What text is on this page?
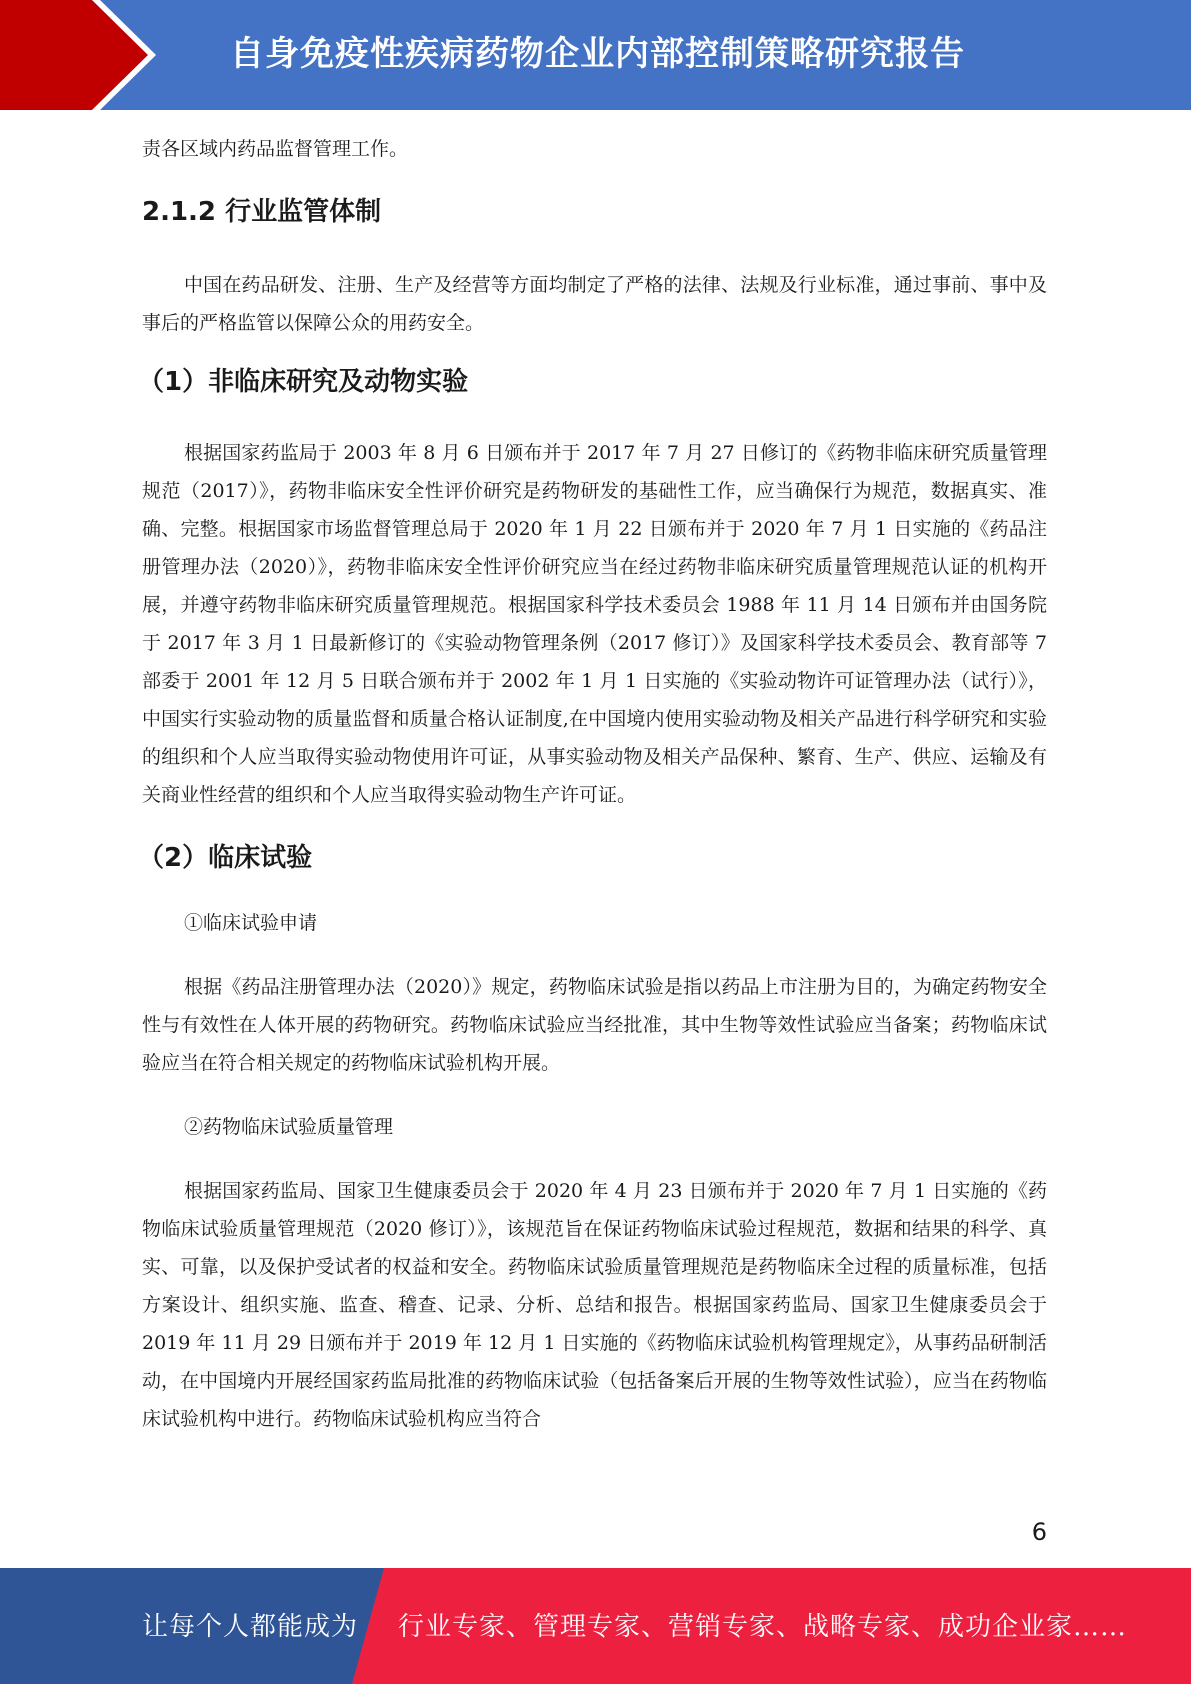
自身免疫性疾病药物企业内部控制策略研究报告

责各区域内药品监督管理工作。

2.1.2 行业监管体制

中国在药品研发、注册、生产及经营等方面均制定了严格的法律、法规及行业标准，通过事前、事中及事后的严格监管以保障公众的用药安全。

（1）非临床研究及动物实验

根据国家药监局于 2003 年 8 月 6 日颁布并于 2017 年 7 月 27 日修订的《药物非临床研究质量管理规范（2017）》，药物非临床安全性评价研究是药物研发的基础性工作，应当确保行为规范，数据真实、准确、完整。根据国家市场监督管理总局于 2020 年 1 月 22 日颁布并于 2020 年 7 月 1 日实施的《药品注册管理办法（2020）》，药物非临床安全性评价研究应当在经过药物非临床研究质量管理规范认证的机构开展，并遵守药物非临床研究质量管理规范。根据国家科学技术委员会 1988 年 11 月 14 日颁布并由国务院于 2017 年 3 月 1 日最新修订的《实验动物管理条例（2017 修订）》及国家科学技术委员会、教育部等 7 部委于 2001 年 12 月 5 日联合颁布并于 2002 年 1 月 1 日实施的《实验动物许可证管理办法（试行）》，中国实行实验动物的质量监督和质量合格认证制度,在中国境内使用实验动物及相关产品进行科学研究和实验的组织和个人应当取得实验动物使用许可证，从事实验动物及相关产品保种、繁育、生产、供应、运输及有关商业性经营的组织和个人应当取得实验动物生产许可证。

（2）临床试验

①临床试验申请

根据《药品注册管理办法（2020）》规定，药物临床试验是指以药品上市注册为目的，为确定药物安全性与有效性在人体开展的药物研究。药物临床试验应当经批准，其中生物等效性试验应当备案；药物临床试验应当在符合相关规定的药物临床试验机构开展。

②药物临床试验质量管理

根据国家药监局、国家卫生健康委员会于 2020 年 4 月 23 日颁布并于 2020 年 7 月 1 日实施的《药物临床试验质量管理规范（2020 修订）》，该规范旨在保证药物临床试验过程规范，数据和结果的科学、真实、可靠，以及保护受试者的权益和安全。药物临床试验质量管理规范是药物临床全过程的质量标准，包括方案设计、组织实施、监查、稽查、记录、分析、总结和报告。根据国家药监局、国家卫生健康委员会于 2019 年 11 月 29 日颁布并于 2019 年 12 月 1 日实施的《药物临床试验机构管理规定》，从事药品研制活动，在中国境内开展经国家药监局批准的药物临床试验（包括备案后开展的生物等效性试验），应当在药物临床试验机构中进行。药物临床试验机构应当符合

6
让每个人都能成为 行业专家、管理专家、营销专家、战略专家、成功企业家……
